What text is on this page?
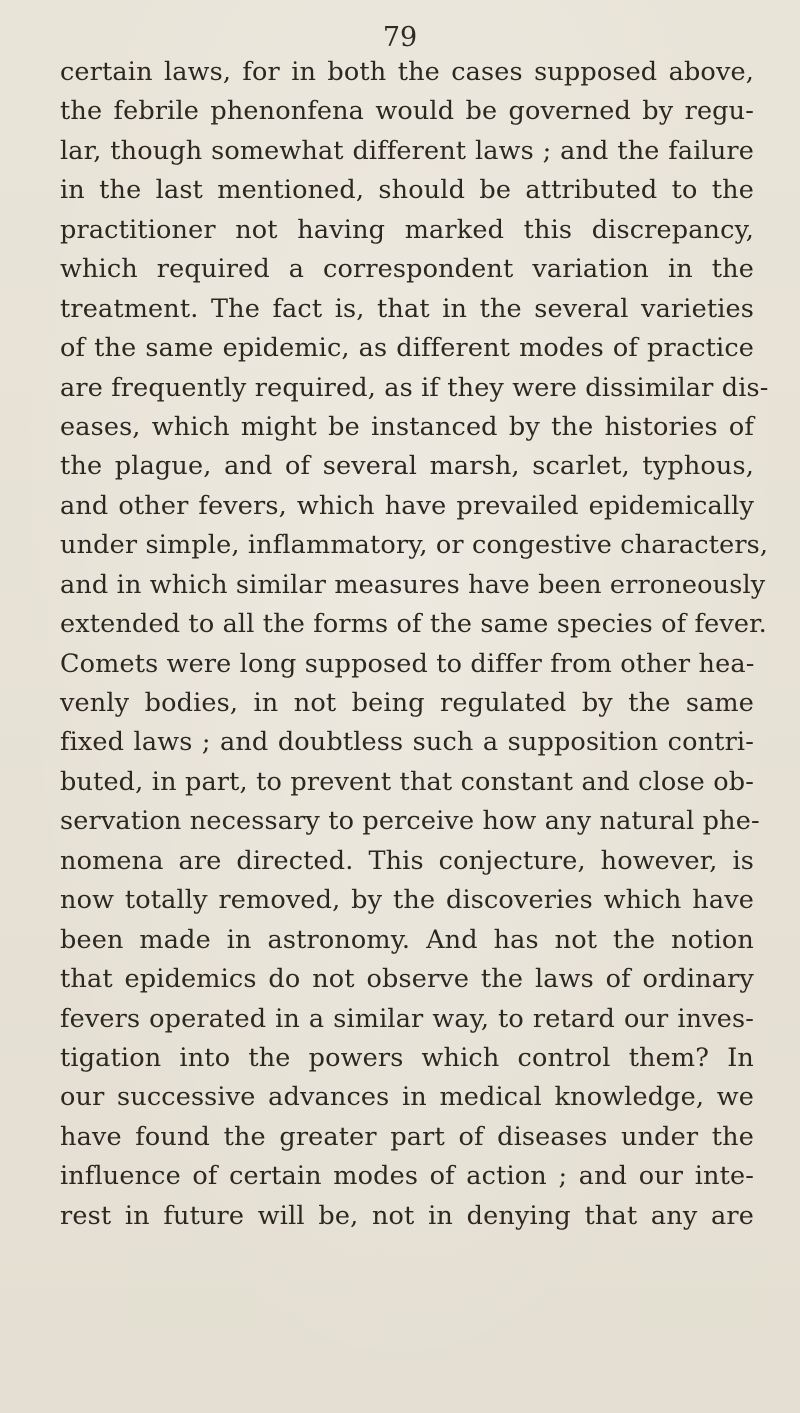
79
certain laws, for in both the cases supposed above,
the febrile phenonfena would be governed by regu-
lar, though somewhat different laws ; and the failure
in the last mentioned, should be attributed to the
practitioner not having marked this discrepancy,
which required a correspondent variation in the
treatment. The fact is, that in the several varieties
of the same epidemic, as different modes of practice
are frequently required, as if they were dissimilar dis-
eases, which might be instanced by the histories of
the plague, and of several marsh, scarlet, typhous,
and other fevers, which have prevailed epidemically
under simple, inflammatory, or congestive characters,
and in which similar measures have been erroneously
extended to all the forms of the same species of fever.
Comets were long supposed to differ from other hea-
venly bodies, in not being regulated by the same
fixed laws ; and doubtless such a supposition contri-
buted, in part, to prevent that constant and close ob-
servation necessary to perceive how any natural phe-
nomena are directed. This conjecture, however, is
now totally removed, by the discoveries which have
been made in astronomy. And has not the notion
that epidemics do not observe the laws of ordinary
fevers operated in a similar way, to retard our inves-
tigation into the powers which control them? In
our successive advances in medical knowledge, we
have found the greater part of diseases under the
influence of certain modes of action ; and our inte-
rest in future will be, not in denying that any are
